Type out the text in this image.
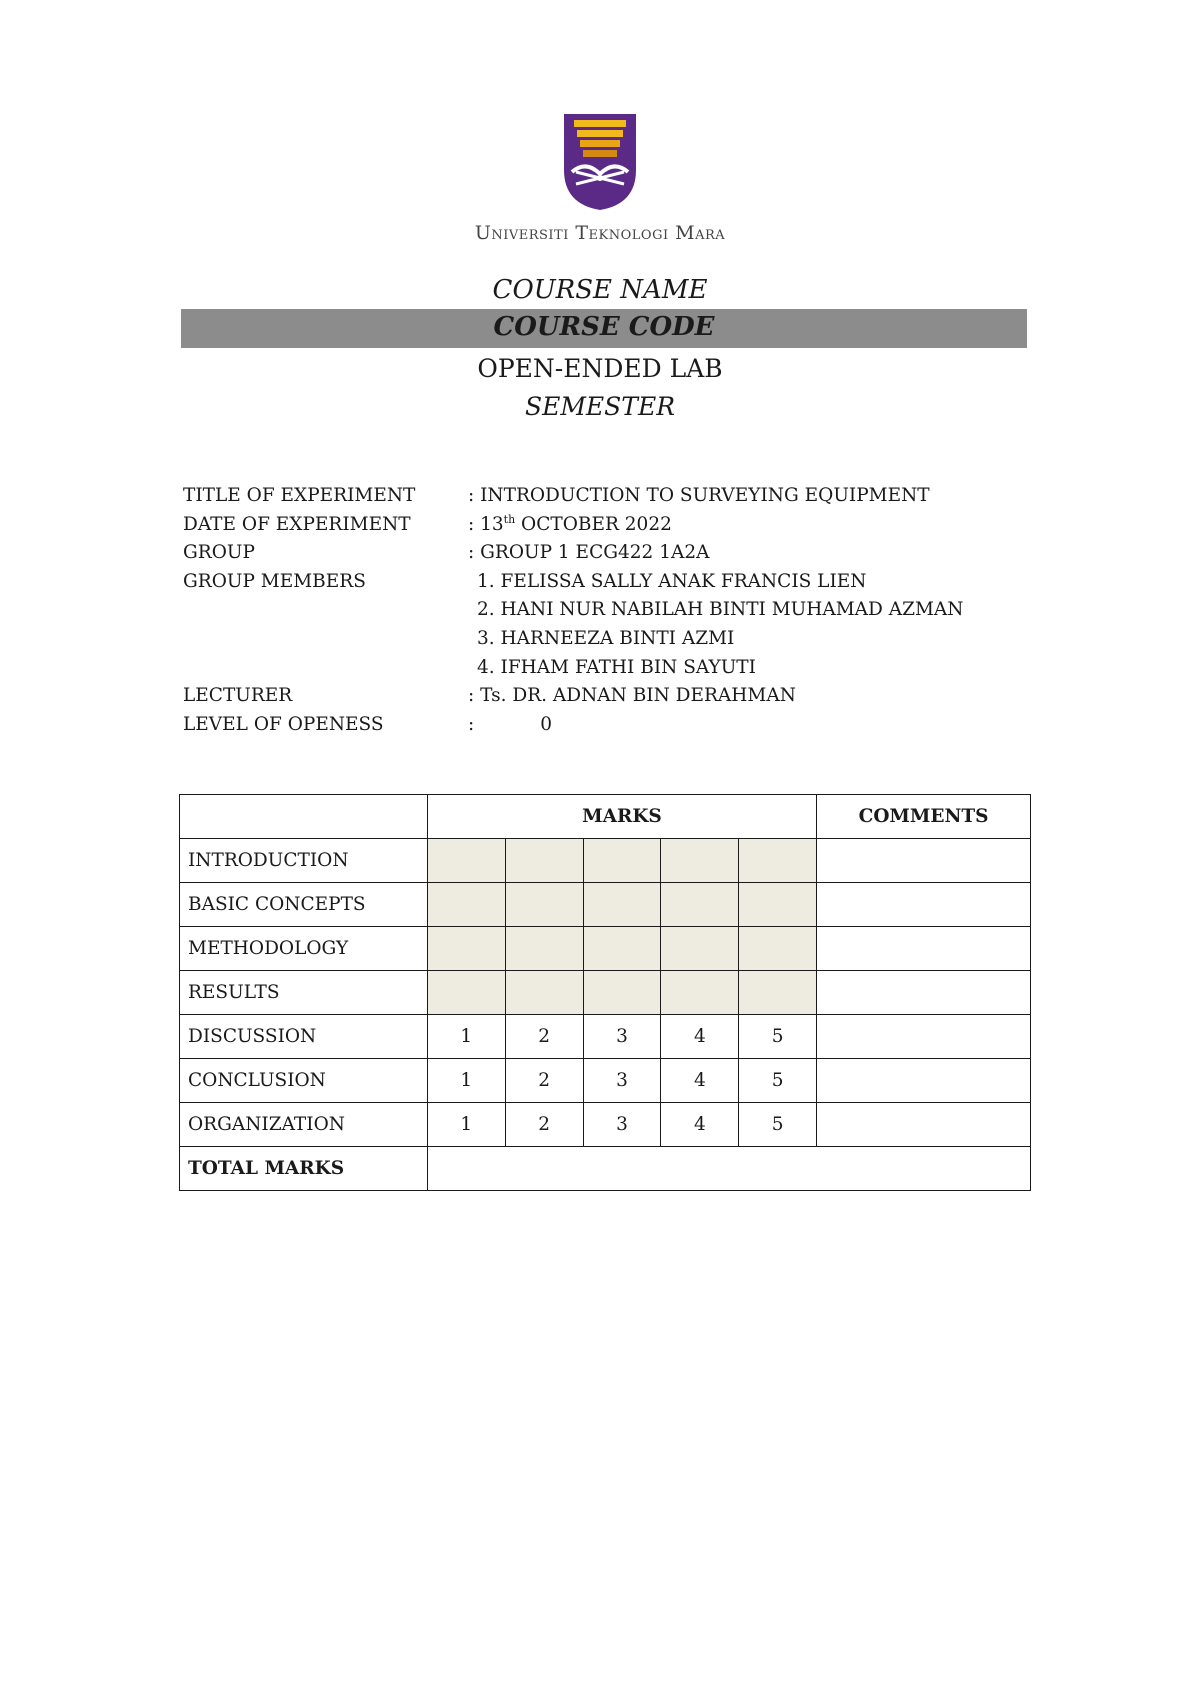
Universiti Teknologi Mara
COURSE NAME
COURSE CODE
OPEN-ENDED LAB
SEMESTER
TITLE OF EXPERIMENT	: INTRODUCTION TO SURVEYING EQUIPMENT
DATE OF EXPERIMENT	: 13th OCTOBER 2022
GROUP	: GROUP 1 ECG422 1A2A
GROUP MEMBERS	1. FELISSA SALLY ANAK FRANCIS LIEN
2. HANI NUR NABILAH BINTI MUHAMAD AZMAN
3. HARNEEZA BINTI AZMI
4. IFHAM FATHI BIN SAYUTI
LECTURER	: Ts. DR. ADNAN BIN DERAHMAN
LEVEL OF OPENESS	:	0
	MARKS					COMMENTS
INTRODUCTION						
BASIC CONCEPTS						
METHODOLOGY						
RESULTS						
DISCUSSION	1	2	3	4	5	
CONCLUSION	1	2	3	4	5	
ORGANIZATION	1	2	3	4	5	
TOTAL MARKS						
